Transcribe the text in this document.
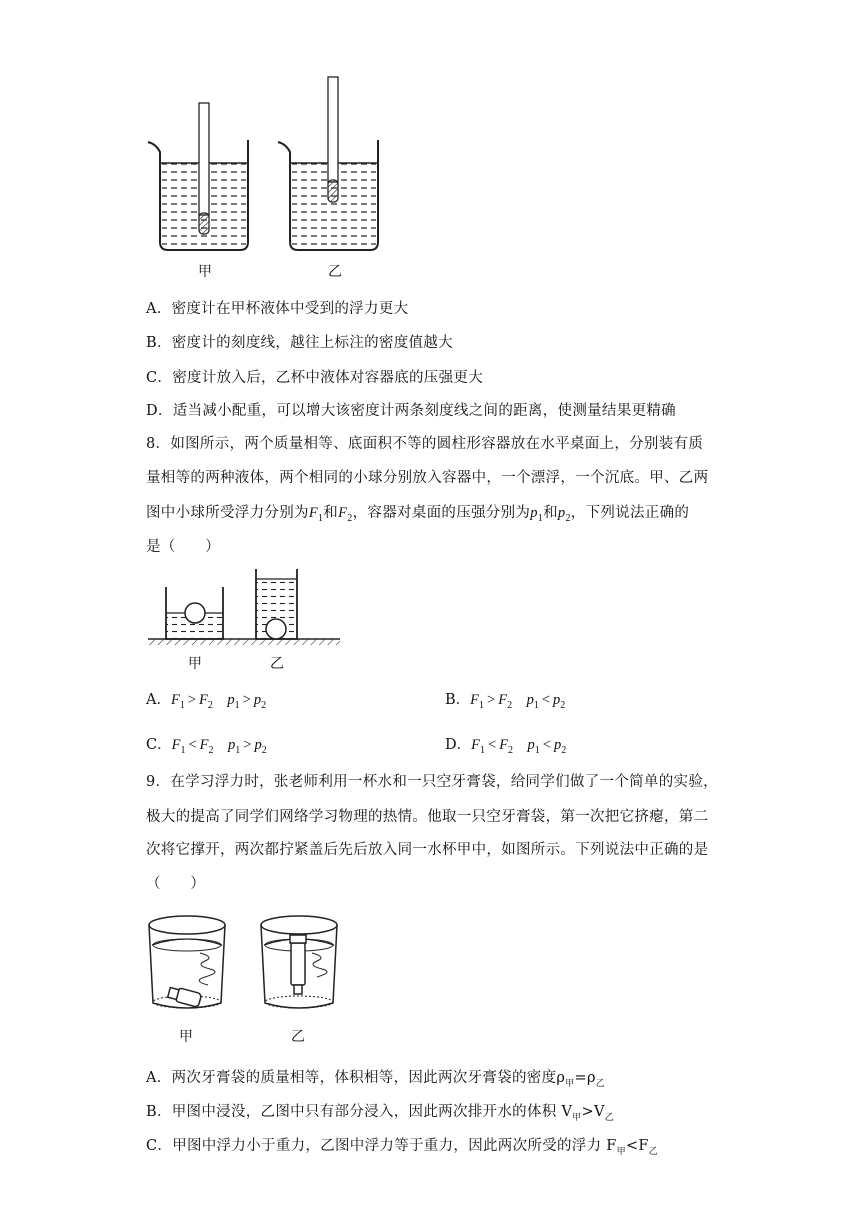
甲	乙
A．密度计在甲杯液体中受到的浮力更大
B．密度计的刻度线，越往上标注的密度值越大
C．密度计放入后，乙杯中液体对容器底的压强更大
D．适当减小配重，可以增大该密度计两条刻度线之间的距离，使测量结果更精确
8．如图所示，两个质量相等、底面积不等的圆柱形容器放在水平桌面上，分别装有质
量相等的两种液体，两个相同的小球分别放入容器中，一个漂浮，一个沉底。甲、乙两
图中小球所受浮力分别为$F_1$和$F_2$，容器对桌面的压强分别为$p_1$和$p_2$，下列说法正确的
是（　　）
甲	乙
A．$F_1 > F_2$ $p_1 > p_2$	B．$F_1 > F_2$ $p_1 < p_2$
C．$F_1 < F_2$ $p_1 > p_2$	D．$F_1 < F_2$ $p_1 < p_2$
9．在学习浮力时，张老师利用一杯水和一只空牙膏袋，给同学们做了一个简单的实验，
极大的提高了同学们网络学习物理的热情。他取一只空牙膏袋，第一次把它挤瘪，第二
次将它撑开，两次都拧紧盖后先后放入同一水杯甲中，如图所示。下列说法中正确的是
（　　）
甲	乙
A．两次牙膏袋的质量相等，体积相等，因此两次牙膏袋的密度$\rho_甲=\rho_乙$
B．甲图中浸没，乙图中只有部分浸入，因此两次排开水的体积 $V_甲>V_乙$
C．甲图中浮力小于重力，乙图中浮力等于重力，因此两次所受的浮力 $F_甲<F_乙$
